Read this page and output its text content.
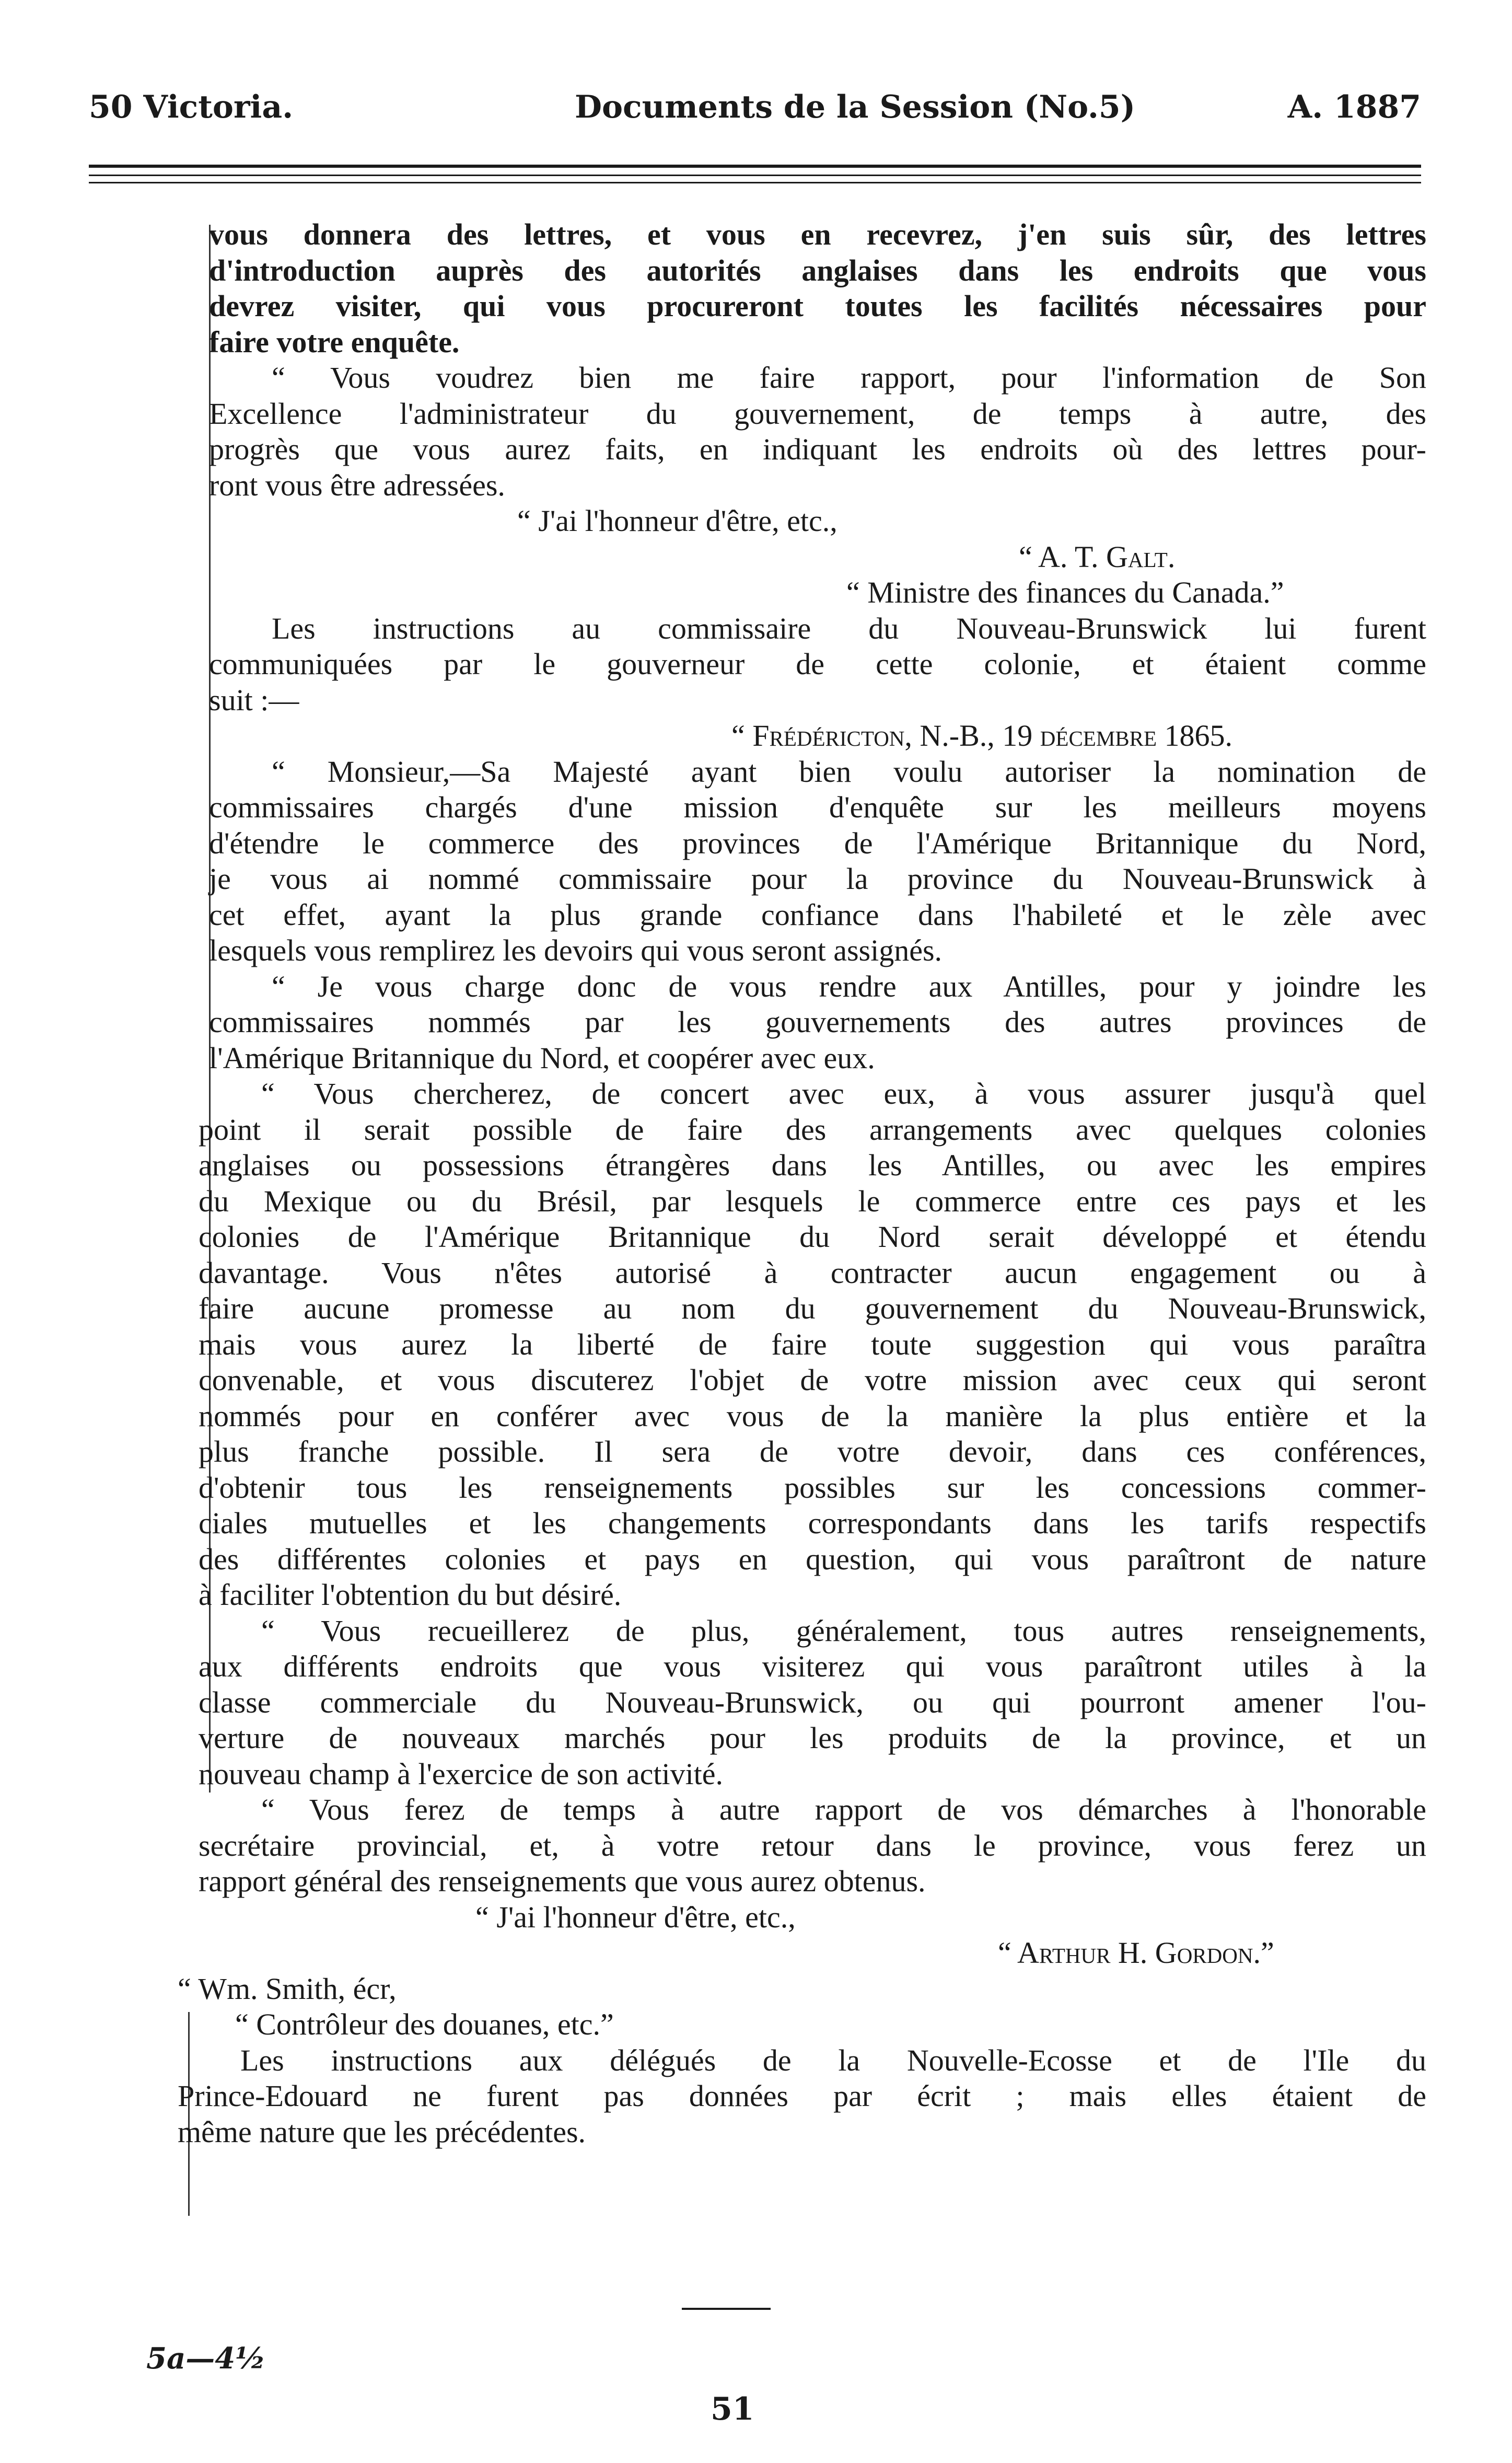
50 Victoria.	Documents de la Session (No.5)	A. 1887

vous donnera des lettres, et vous en recevrez, j'en suis sûr, des lettres
d'introduction auprès des autorités anglaises dans les endroits que vous
devrez visiter, qui vous procureront toutes les facilités nécessaires pour
faire votre enquête.

“ Vous voudrez bien me faire rapport, pour l'information de Son
Excellence l'administrateur du gouvernement, de temps à autre, des
progrès que vous aurez faits, en indiquant les endroits où des lettres pour-
ront vous être adressées.

“ J'ai l'honneur d'être, etc.,

“ A. T. Galt.

“ Ministre des finances du Canada.”

Les instructions au commissaire du Nouveau-Brunswick lui furent
communiquées par le gouverneur de cette colonie, et étaient comme
suit :—

“ Frédéricton, N.-B., 19 décembre 1865.

“ Monsieur,—Sa Majesté ayant bien voulu autoriser la nomination de
commissaires chargés d'une mission d'enquête sur les meilleurs moyens
d'étendre le commerce des provinces de l'Amérique Britannique du Nord,
je vous ai nommé commissaire pour la province du Nouveau-Brunswick à
cet effet, ayant la plus grande confiance dans l'habileté et le zèle avec
lesquels vous remplirez les devoirs qui vous seront assignés.

“ Je vous charge donc de vous rendre aux Antilles, pour y joindre les
commissaires nommés par les gouvernements des autres provinces de
l'Amérique Britannique du Nord, et coopérer avec eux.

“ Vous chercherez, de concert avec eux, à vous assurer jusqu'à quel
point il serait possible de faire des arrangements avec quelques colonies
anglaises ou possessions étrangères dans les Antilles, ou avec les empires
du Mexique ou du Brésil, par lesquels le commerce entre ces pays et les
colonies de l'Amérique Britannique du Nord serait développé et étendu
davantage. Vous n'êtes autorisé à contracter aucun engagement ou à
faire aucune promesse au nom du gouvernement du Nouveau-Brunswick,
mais vous aurez la liberté de faire toute suggestion qui vous paraîtra
convenable, et vous discuterez l'objet de votre mission avec ceux qui seront
nommés pour en conférer avec vous de la manière la plus entière et la
plus franche possible. Il sera de votre devoir, dans ces conférences,
d'obtenir tous les renseignements possibles sur les concessions commer-
ciales mutuelles et les changements correspondants dans les tarifs respectifs
des différentes colonies et pays en question, qui vous paraîtront de nature
à faciliter l'obtention du but désiré.

“ Vous recueillerez de plus, généralement, tous autres renseignements,
aux différents endroits que vous visiterez qui vous paraîtront utiles à la
classe commerciale du Nouveau-Brunswick, ou qui pourront amener l'ou-
verture de nouveaux marchés pour les produits de la province, et un
nouveau champ à l'exercice de son activité.

“ Vous ferez de temps à autre rapport de vos démarches à l'honorable
secrétaire provincial, et, à votre retour dans le province, vous ferez un
rapport général des renseignements que vous aurez obtenus.

“ J'ai l'honneur d'être, etc.,

“ Arthur H. Gordon.”

“ Wm. Smith, écr,

“ Contrôleur des douanes, etc.”

Les instructions aux délégués de la Nouvelle-Ecosse et de l'Ile du
Prince-Edouard ne furent pas données par écrit ; mais elles étaient de
même nature que les précédentes.

5a—4½
51
